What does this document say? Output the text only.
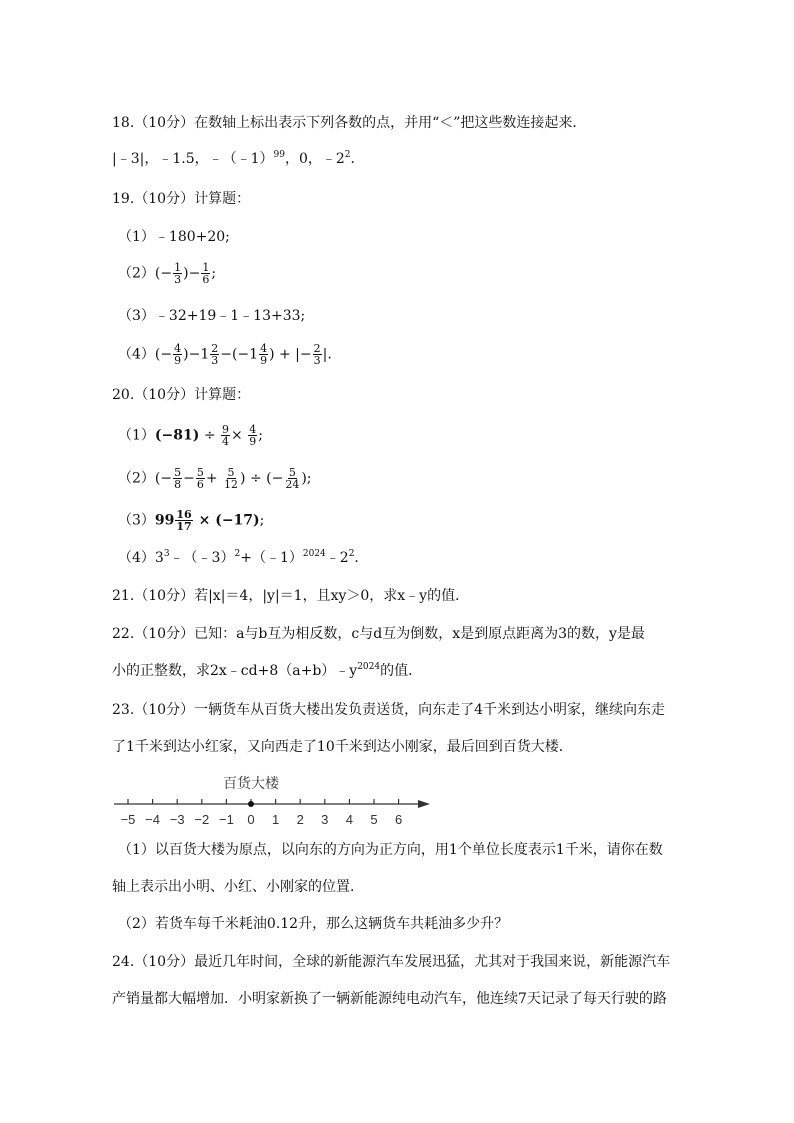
18.（10分）在数轴上标出表示下列各数的点，并用“＜”把这些数连接起来．
|﹣3|，﹣1.5，﹣（﹣1）$^{99}$，0，$﹣2^2$．
19.（10分）计算题：
（1）﹣180+20;
$(2)(- \frac{1}{3}$ )− $\frac{1}{6}$ ;
（3）﹣32+19﹣1﹣13+33;
$(4)(- \frac{4}{9} )-1 \frac{2}{3} -(-1 \frac{4}{9}$ ) + |− $\frac{2}{3}$ |.
20.（10分）计算题：
$(1)(-81) \div \frac{9}{4} \times \frac{4}{9}$ ;
$(2)(- \frac{5}{8} - \frac{5}{6} + \frac{5}{12}$ ) ÷ (− $\frac{5}{24}$ );
$(3)99 \frac{16}{17} \times (-17)$;
$(4)3^3﹣(﹣3)^2+(﹣1)^{2024}﹣2^2$．
21.（10分）若|x|＝4，|y|＝1，且xy＞0，求x﹣y的值．
22.（10分）已知：a与b互为相反数，c与d互为倒数，x是到原点距离为3的数，y是最
小的正整数，求$2x﹣cd+8(a+b)﹣y^{2024}$的值．
23.（10分）一辆货车从百货大楼出发负责送货，向东走了4千米到达小明家，继续向东走
了1千米到达小红家，又向西走了10千米到达小刚家，最后回到百货大楼．
百货大楼
−5 −4 −3 −2 −1 0 1 2 3 4 5 6
（1）以百货大楼为原点，以向东的方向为正方向，用1个单位长度表示1千米，请你在数
轴上表示出小明、小红、小刚家的位置．
（2）若货车每千米耗油0.12升，那么这辆货车共耗油多少升？
24.（10分）最近几年时间，全球的新能源汽车发展迅猛，尤其对于我国来说，新能源汽车
产销量都大幅增加．小明家新换了一辆新能源纯电动汽车，他连续7天记录了每天行驶的路
